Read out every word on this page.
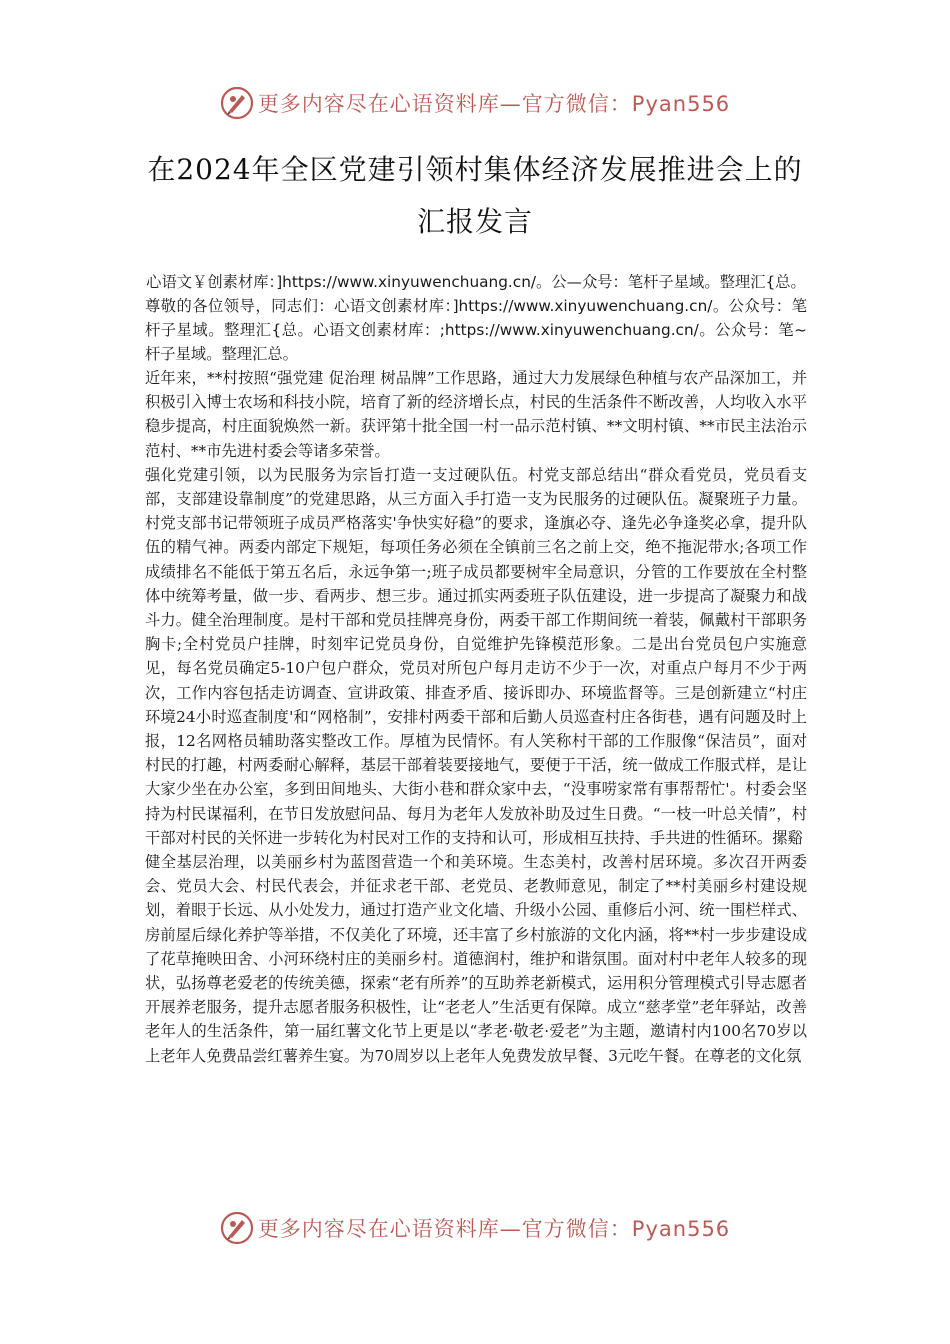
更多内容尽在心语资料库—官方微信：Pyan556
在2024年全区党建引领村集体经济发展推进会上的
汇报发言

心语文￥创素材库：]https://www.xinyuwenchuang.cn/。公—众号：笔杆子星域。整理汇{总。

尊敬的各位领导，同志们：心语文创素材库：]https://www.xinyuwenchuang.cn/。公众号：笔杆子星域。整理汇{总。心语文创素材库：;https://www.xinyuwenchuang.cn/。公众号：笔~杆子星域。整理汇总。

近年来，**村按照“强党建 促治理 树品牌”工作思路，通过大力发展绿色种植与农产品深加工，并积极引入博士农场和科技小院，培育了新的经济增长点，村民的生活条件不断改善，人均收入水平稳步提高，村庄面貌焕然一新。获评第十批全国一村一品示范村镇、**文明村镇、**市民主法治示范村、**市先进村委会等诸多荣誉。

强化党建引领，以为民服务为宗旨打造一支过硬队伍。村党支部总结出“群众看党员，党员看支部，支部建设靠制度”的党建思路，从三方面入手打造一支为民服务的过硬队伍。凝聚班子力量。村党支部书记带领班子成员严格落实'争快实好稳”的要求，逢旗必夺、逢先必争逢奖必拿，提升队伍的精气神。两委内部定下规矩，每项任务必须在全镇前三名之前上交，绝不拖泥带水;各项工作成绩排名不能低于第五名后，永远争第一;班子成员都要树牢全局意识，分管的工作要放在全村整体中统筹考量，做一步、看两步、想三步。通过抓实两委班子队伍建设，进一步提高了凝聚力和战斗力。健全治理制度。是村干部和党员挂牌亮身份，两委干部工作期间统一着装，佩戴村干部职务胸卡;全村党员户挂牌，时刻牢记党员身份，自觉维护先锋模范形象。二是出台党员包户实施意见，每名党员确定5-10户包户群众，党员对所包户每月走访不少于一次，对重点户每月不少于两次，工作内容包括走访调查、宣讲政策、排查矛盾、接诉即办、环境监督等。三是创新建立“村庄环境24小时巡查制度'和“网格制”，安排村两委干部和后勤人员巡查村庄各街巷，遇有问题及时上报，12名网格员辅助落实整改工作。厚植为民情怀。有人笑称村干部的工作服像“保洁员”，面对村民的打趣，村两委耐心解释，基层干部着装要接地气，要便于干活，统一做成工作服式样，是让大家少坐在办公室，多到田间地头、大街小巷和群众家中去，“没事唠家常有事帮帮忙'。村委会坚持为村民谋福利，在节日发放慰问品、每月为老年人发放补助及过生日费。“一枝一叶总关情”，村干部对村民的关怀进一步转化为村民对工作的支持和认可，形成相互扶持、手共进的性循环。摞谿

健全基层治理，以美丽乡村为蓝图营造一个和美环境。生态美村，改善村居环境。多次召开两委会、党员大会、村民代表会，并征求老干部、老党员、老教师意见，制定了**村美丽乡村建设规划，着眼于长远、从小处发力，通过打造产业文化墙、升级小公园、重修后小河、统一围栏样式、房前屋后绿化养护等举措，不仅美化了环境，还丰富了乡村旅游的文化内涵，将**村一步步建设成了花草掩映田舍、小河环绕村庄的美丽乡村。道德润村，维护和谐氛围。面对村中老年人较多的现状，弘扬尊老爱老的传统美德，探索“老有所养”的互助养老新模式，运用积分管理模式引导志愿者开展养老服务，提升志愿者服务积极性，让“老老人”生活更有保障。成立“慈孝堂”老年驿站，改善老年人的生活条件，第一届红薯文化节上更是以“孝老·敬老·爱老”为主题，邀请村内100名70岁以上老年人免费品尝红薯养生宴。为70周岁以上老年人免费发放早餐、3元吃午餐。在尊老的文化氛

更多内容尽在心语资料库—官方微信：Pyan556
